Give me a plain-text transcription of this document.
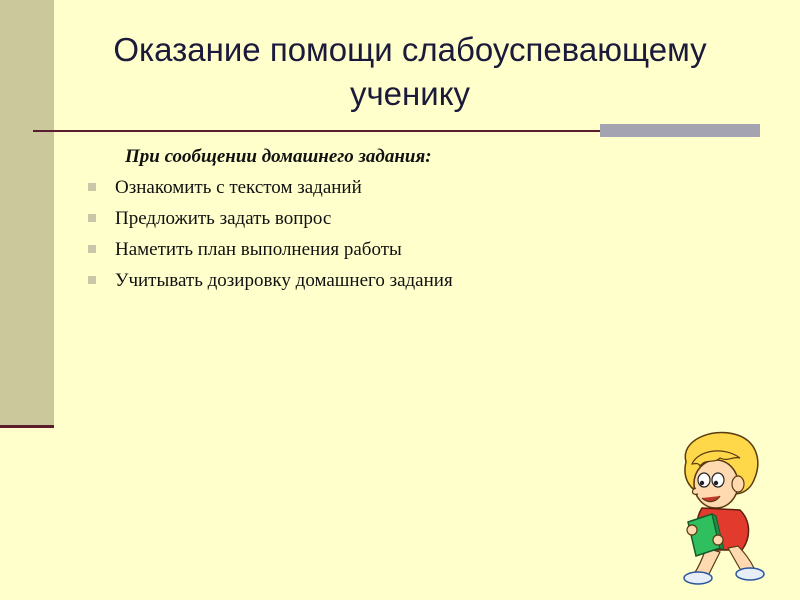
Оказание помощи слабоуспевающему
ученику
При сообщении домашнего задания:
Ознакомить с текстом заданий
Предложить задать вопрос
Наметить план выполнения работы
Учитывать дозировку домашнего задания
